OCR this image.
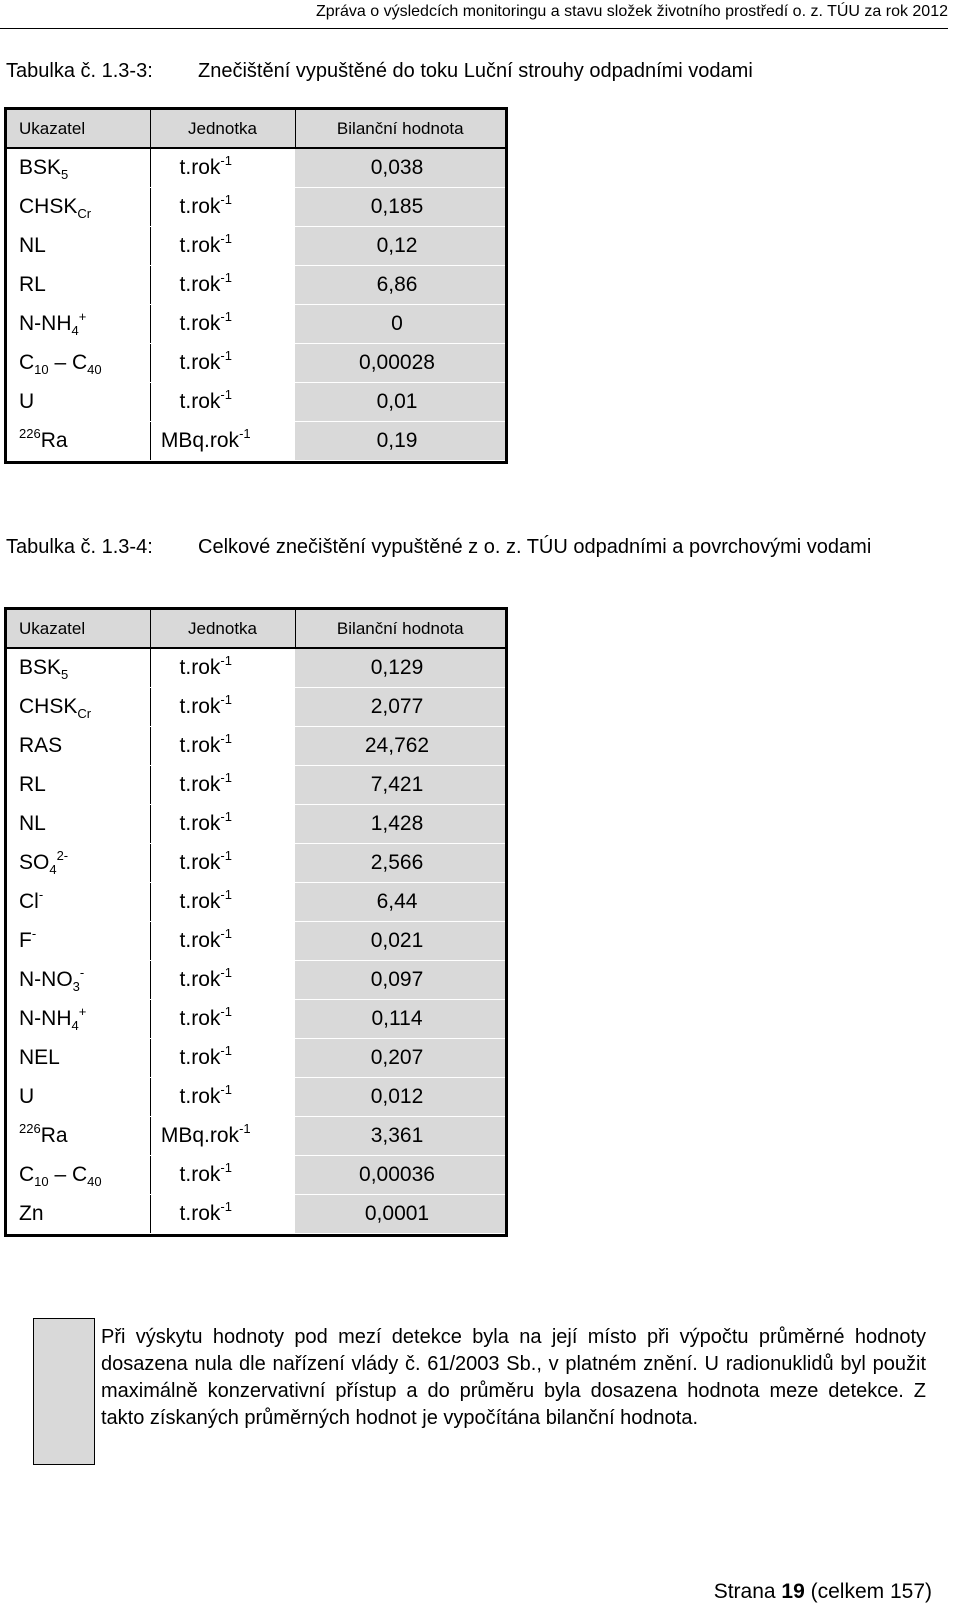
Zpráva o výsledcích monitoringu a stavu složek životního prostředí o. z. TÚU za rok 2012
Tabulka č. 1.3-3: Znečištění vypuštěné do toku Luční strouhy odpadními vodami
Ukazatel	Jednotka	Bilanční hodnota
$BSK_5$	t.rok$^{-1}$	0,038
$CHSK_{Cr}$	t.rok$^{-1}$	0,185
NL	t.rok$^{-1}$	0,12
RL	t.rok$^{-1}$	6,86
$N-NH_4^+$	t.rok$^{-1}$	0
$C_{10} - C_{40}$	t.rok$^{-1}$	0,00028
U	t.rok$^{-1}$	0,01
$^{226}$Ra	MBq.rok$^{-1}$	0,19
Tabulka č. 1.3-4: Celkové znečištění vypuštěné z o. z. TÚU odpadními a povrchovými vodami
Ukazatel	Jednotka	Bilanční hodnota
$BSK_5$	t.rok$^{-1}$	0,129
$CHSK_{Cr}$	t.rok$^{-1}$	2,077
RAS	t.rok$^{-1}$	24,762
RL	t.rok$^{-1}$	7,421
NL	t.rok$^{-1}$	1,428
$SO_4^{2-}$	t.rok$^{-1}$	2,566
Cl-	t.rok$^{-1}$	6,44
F-	t.rok$^{-1}$	0,021
$N-NO_3^-$	t.rok$^{-1}$	0,097
$N-NH_4^+$	t.rok$^{-1}$	0,114
NEL	t.rok$^{-1}$	0,207
U	t.rok$^{-1}$	0,012
$^{226}$Ra	MBq.rok$^{-1}$	3,361
$C_{10} - C_{40}$	t.rok$^{-1}$	0,00036
Zn	t.rok$^{-1}$	0,0001
Při výskytu hodnoty pod mezí detekce byla na její místo při výpočtu průměrné hodnoty dosazena nula dle nařízení vlády č. 61/2003 Sb., v platném znění. U radionuklidů byl použit maximálně konzervativní přístup a do průměru byla dosazena hodnota meze detekce. Z takto získaných průměrných hodnot je vypočítána bilanční hodnota.
Strana 19 (celkem 157)
